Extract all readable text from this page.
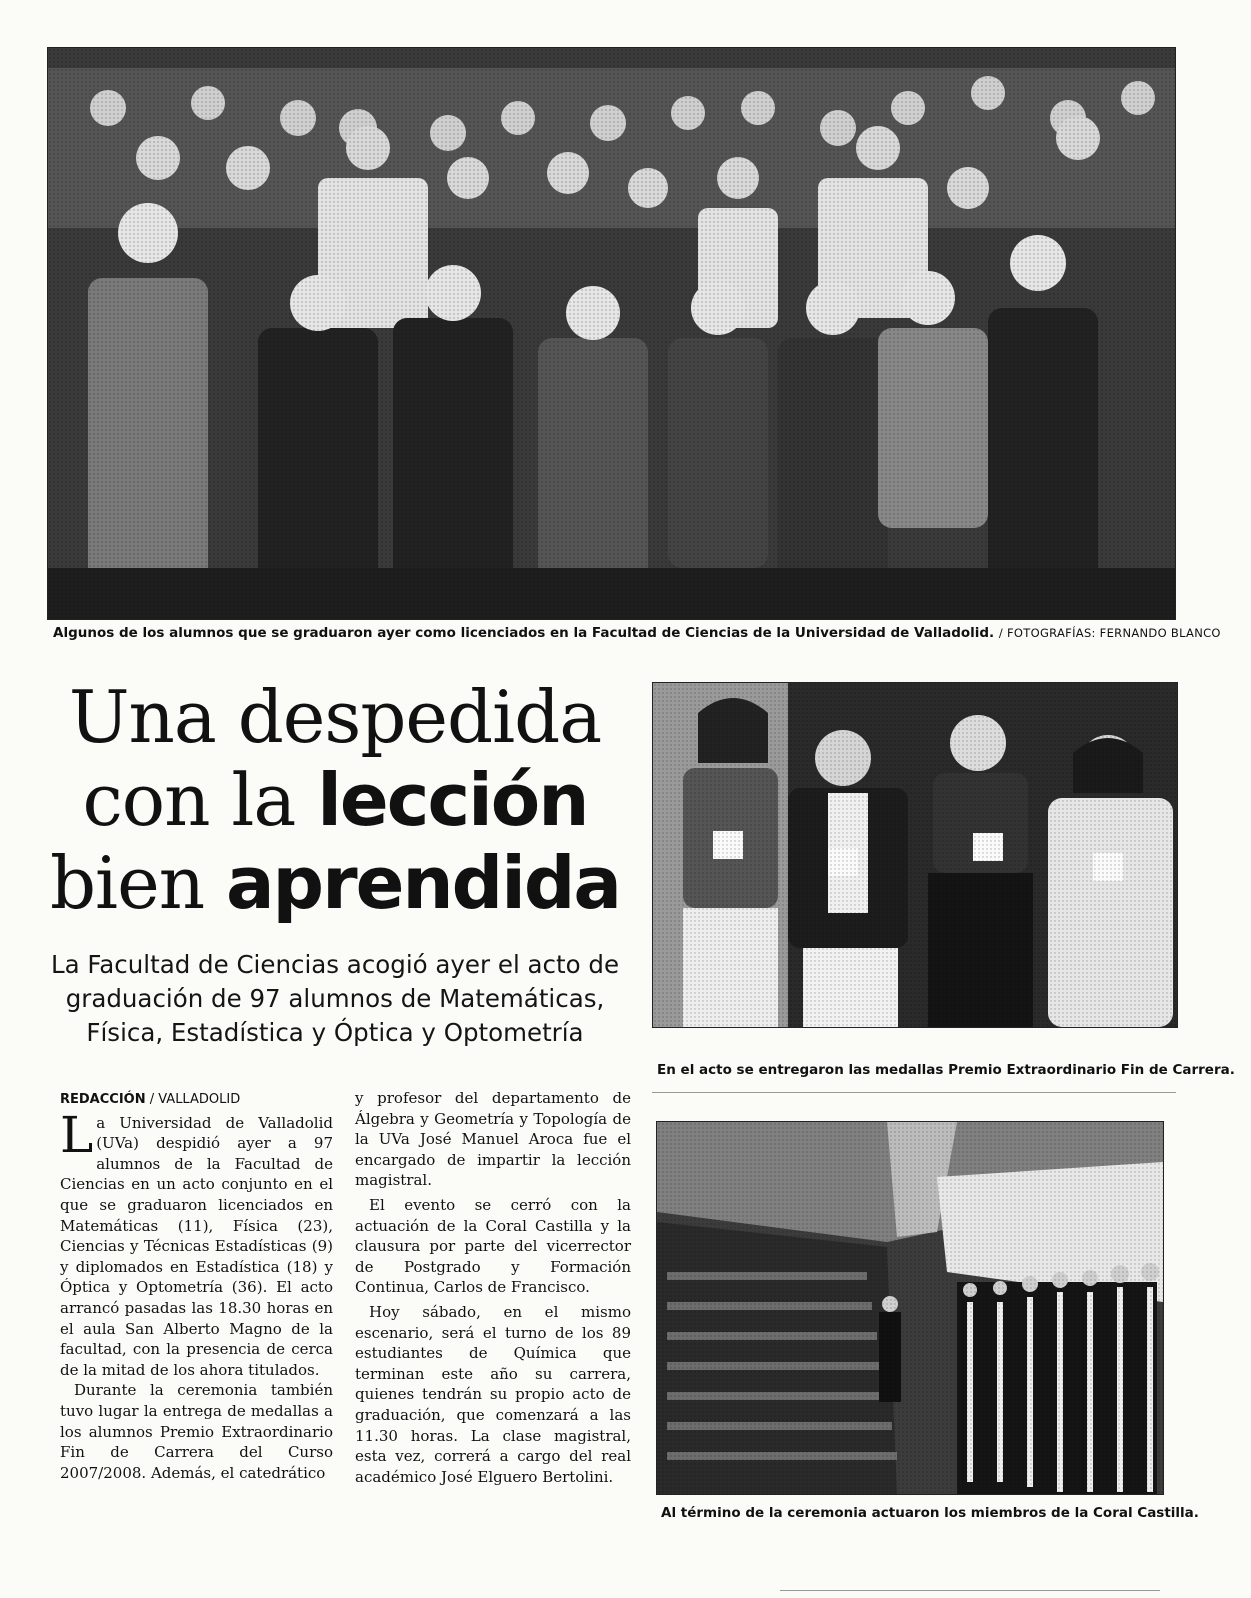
Algunos de los alumnos que se graduaron ayer como licenciados en la Facultad de Ciencias de la Universidad de Valladolid. / FOTOGRAFÍAS: FERNANDO BLANCO
Una despedida
con la lección
bien aprendida

La Facultad de Ciencias acogió ayer el acto de graduación de 97 alumnos de Matemáticas, Física, Estadística y Óptica y Optometría

REDACCIÓN / VALLADOLID

La Universidad de Valladolid (UVa) despidió ayer a 97 alumnos de la Facultad de Ciencias en un acto conjunto en el que se graduaron licenciados en Matemáticas (11), Física (23), Ciencias y Técnicas Estadísticas (9) y diplomados en Estadística (18) y Óptica y Optometría (36). El acto arrancó pasadas las 18.30 horas en el aula San Alberto Magno de la facultad, con la presencia de cerca de la mitad de los ahora titulados.

Durante la ceremonia también tuvo lugar la entrega de medallas a los alumnos Premio Extraordinario Fin de Carrera del Curso 2007/2008. Además, el catedrático

y profesor del departamento de Álgebra y Geometría y Topología de la UVa José Manuel Aroca fue el encargado de impartir la lección magistral.

El evento se cerró con la actuación de la Coral Castilla y la clausura por parte del vicerrector de Postgrado y Formación Continua, Carlos de Francisco.

Hoy sábado, en el mismo escenario, será el turno de los 89 estudiantes de Química que terminan este año su carrera, quienes tendrán su propio acto de graduación, que comenzará a las 11.30 horas. La clase magistral, esta vez, correrá a cargo del real académico José Elguero Bertolini.

En el acto se entregaron las medallas Premio Extraordinario Fin de Carrera.
Al término de la ceremonia actuaron los miembros de la Coral Castilla.
